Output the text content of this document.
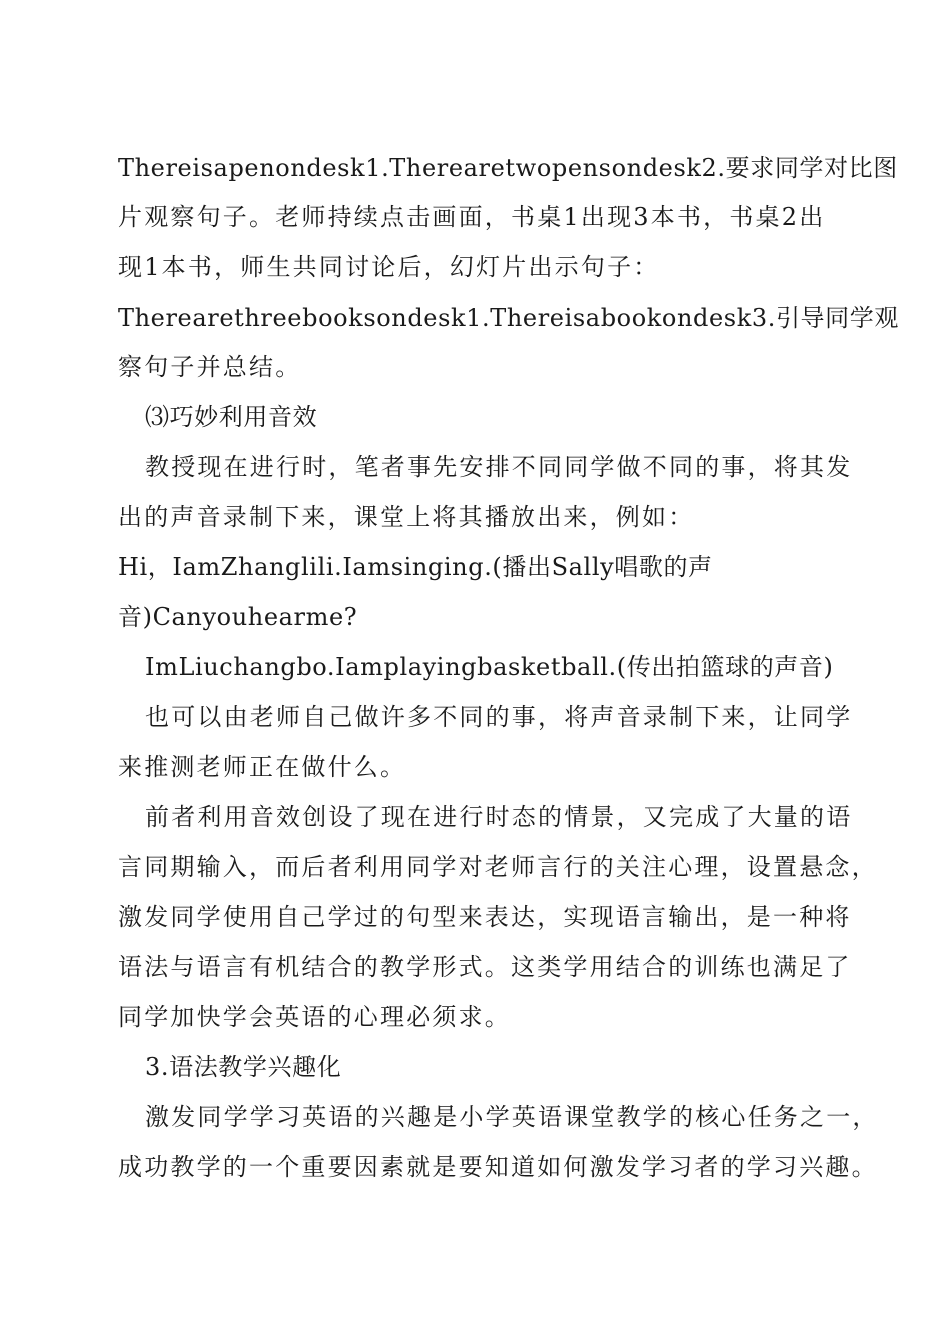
Thereisapenondesk1.Therearetwopensondesk2.要求同学对比图
片观察句子。老师持续点击画面，书桌1出现3本书，书桌2出
现1本书，师生共同讨论后，幻灯片出示句子：
Therearethreebooksondesk1.Thereisabookondesk3.引导同学观
察句子并总结。
⑶巧妙利用音效
教授现在进行时，笔者事先安排不同同学做不同的事，将其发
出的声音录制下来，课堂上将其播放出来，例如：
Hi，IamZhanglili.Iamsinging.(播出Sally唱歌的声
音)Canyouhearme?
ImLiuchangbo.Iamplayingbasketball.(传出拍篮球的声音)
也可以由老师自己做许多不同的事，将声音录制下来，让同学
来推测老师正在做什么。
前者利用音效创设了现在进行时态的情景，又完成了大量的语
言同期输入，而后者利用同学对老师言行的关注心理，设置悬念，
激发同学使用自己学过的句型来表达，实现语言输出，是一种将
语法与语言有机结合的教学形式。这类学用结合的训练也满足了
同学加快学会英语的心理必须求。
3.语法教学兴趣化
激发同学学习英语的兴趣是小学英语课堂教学的核心任务之一，
成功教学的一个重要因素就是要知道如何激发学习者的学习兴趣。
